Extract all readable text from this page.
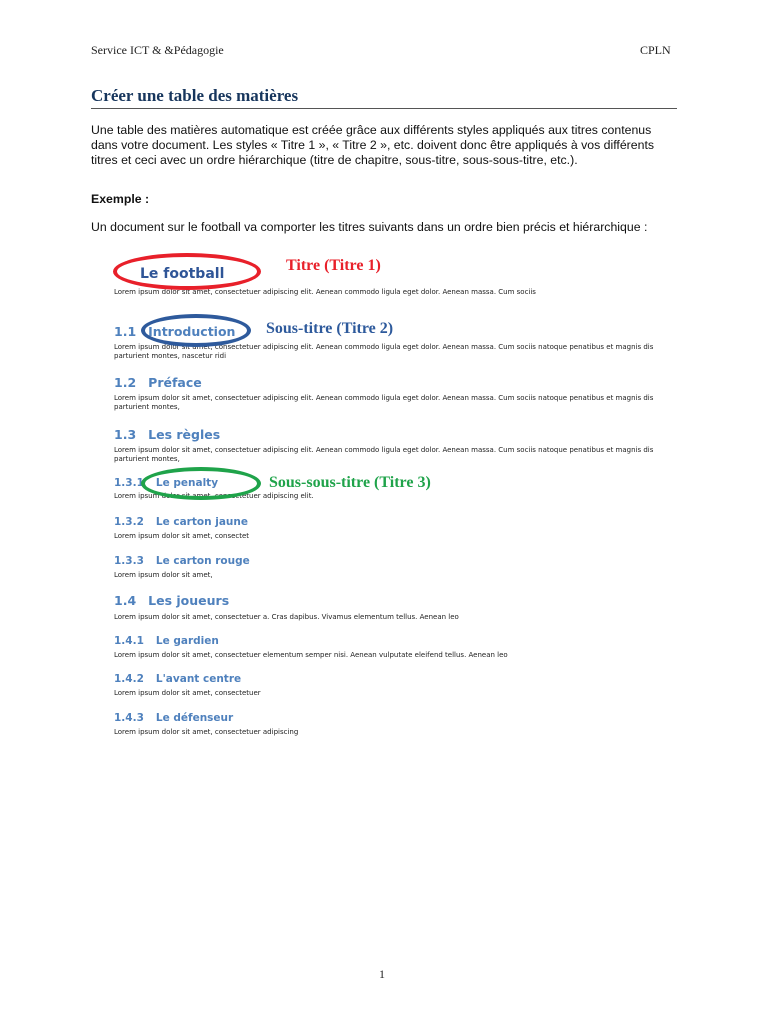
Service ICT & &Pédagogie	CPLN
Créer une table des matières
Une table des matières automatique est créée grâce aux différents styles appliqués aux titres contenus dans votre document. Les styles « Titre 1 », « Titre 2 », etc. doivent donc être appliqués à vos différents titres et ceci avec un ordre hiérarchique (titre de chapitre, sous-titre, sous-sous-titre, etc.).
Exemple :
Un document sur le football va comporter les titres suivants dans un ordre bien précis et hiérarchique :
Le football
Lorem ipsum dolor sit amet, consectetuer adipiscing elit. Aenean commodo ligula eget dolor. Aenean massa. Cum sociis
1.1 Introduction
Lorem ipsum dolor sit amet, consectetuer adipiscing elit. Aenean commodo ligula eget dolor. Aenean massa. Cum sociis natoque penatibus et magnis dis parturient montes, nascetur ridi
1.2 Préface
Lorem ipsum dolor sit amet, consectetuer adipiscing elit. Aenean commodo ligula eget dolor. Aenean massa. Cum sociis natoque penatibus et magnis dis parturient montes,
1.3 Les règles
Lorem ipsum dolor sit amet, consectetuer adipiscing elit. Aenean commodo ligula eget dolor. Aenean massa. Cum sociis natoque penatibus et magnis dis parturient montes,
1.3.1 Le penalty
Lorem ipsum dolor sit amet, consectetuer adipiscing elit.
1.3.2 Le carton jaune
Lorem ipsum dolor sit amet, consectet
1.3.3 Le carton rouge
Lorem ipsum dolor sit amet,
1.4 Les joueurs
Lorem ipsum dolor sit amet, consectetuer a. Cras dapibus. Vivamus elementum tellus. Aenean leo
1.4.1 Le gardien
Lorem ipsum dolor sit amet, consectetuer elementum semper nisi. Aenean vulputate eleifend tellus. Aenean leo
1.4.2 L'avant centre
Lorem ipsum dolor sit amet, consectetuer
1.4.3 Le défenseur
Lorem ipsum dolor sit amet, consectetuer adipiscing
Titre (Titre 1)
Sous-titre (Titre 2)
Sous-sous-titre (Titre 3)
1
